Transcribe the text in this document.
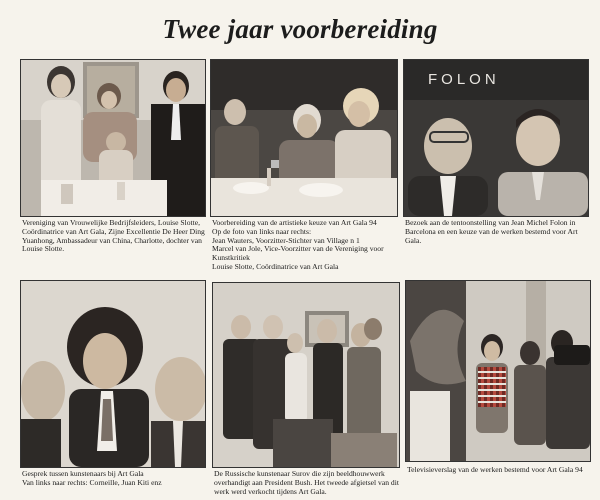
Twee jaar voorbereiding
Vereniging van Vrouwelijke Bedrijfsleiders, Louise Slotte, Coördinatrice van Art Gala, Zijne Excellentie De Heer Ding Yuanhong, Ambassadeur van China, Charlotte, dochter van Louise Slotte.
Voorbereiding van de artistieke keuze van Art Gala 94
Op de foto van links naar rechts:
Jean Wauters, Voorzitter-Stichter van Village n 1
Marcel van Jole, Vice-Voorzitter van de Vereniging voor Kunstkritiek
Louise Slotte, Coördinatrice van Art Gala
FOLON
Bezoek aan de tentoonstelling van Jean Michel Folon in Barcelona en een keuze van de werken bestemd voor Art Gala.
Gesprek tussen kunstenaars bij Art Gala
Van links naar rechts: Corneille, Juan Kiti enz
De Russische kunstenaar Surov die zijn beeldhouwwerk overhandigt aan President Bush. Het tweede afgietsel van dit werk werd verkocht tijdens Art Gala.
Televisieverslag van de werken bestemd voor Art Gala 94
